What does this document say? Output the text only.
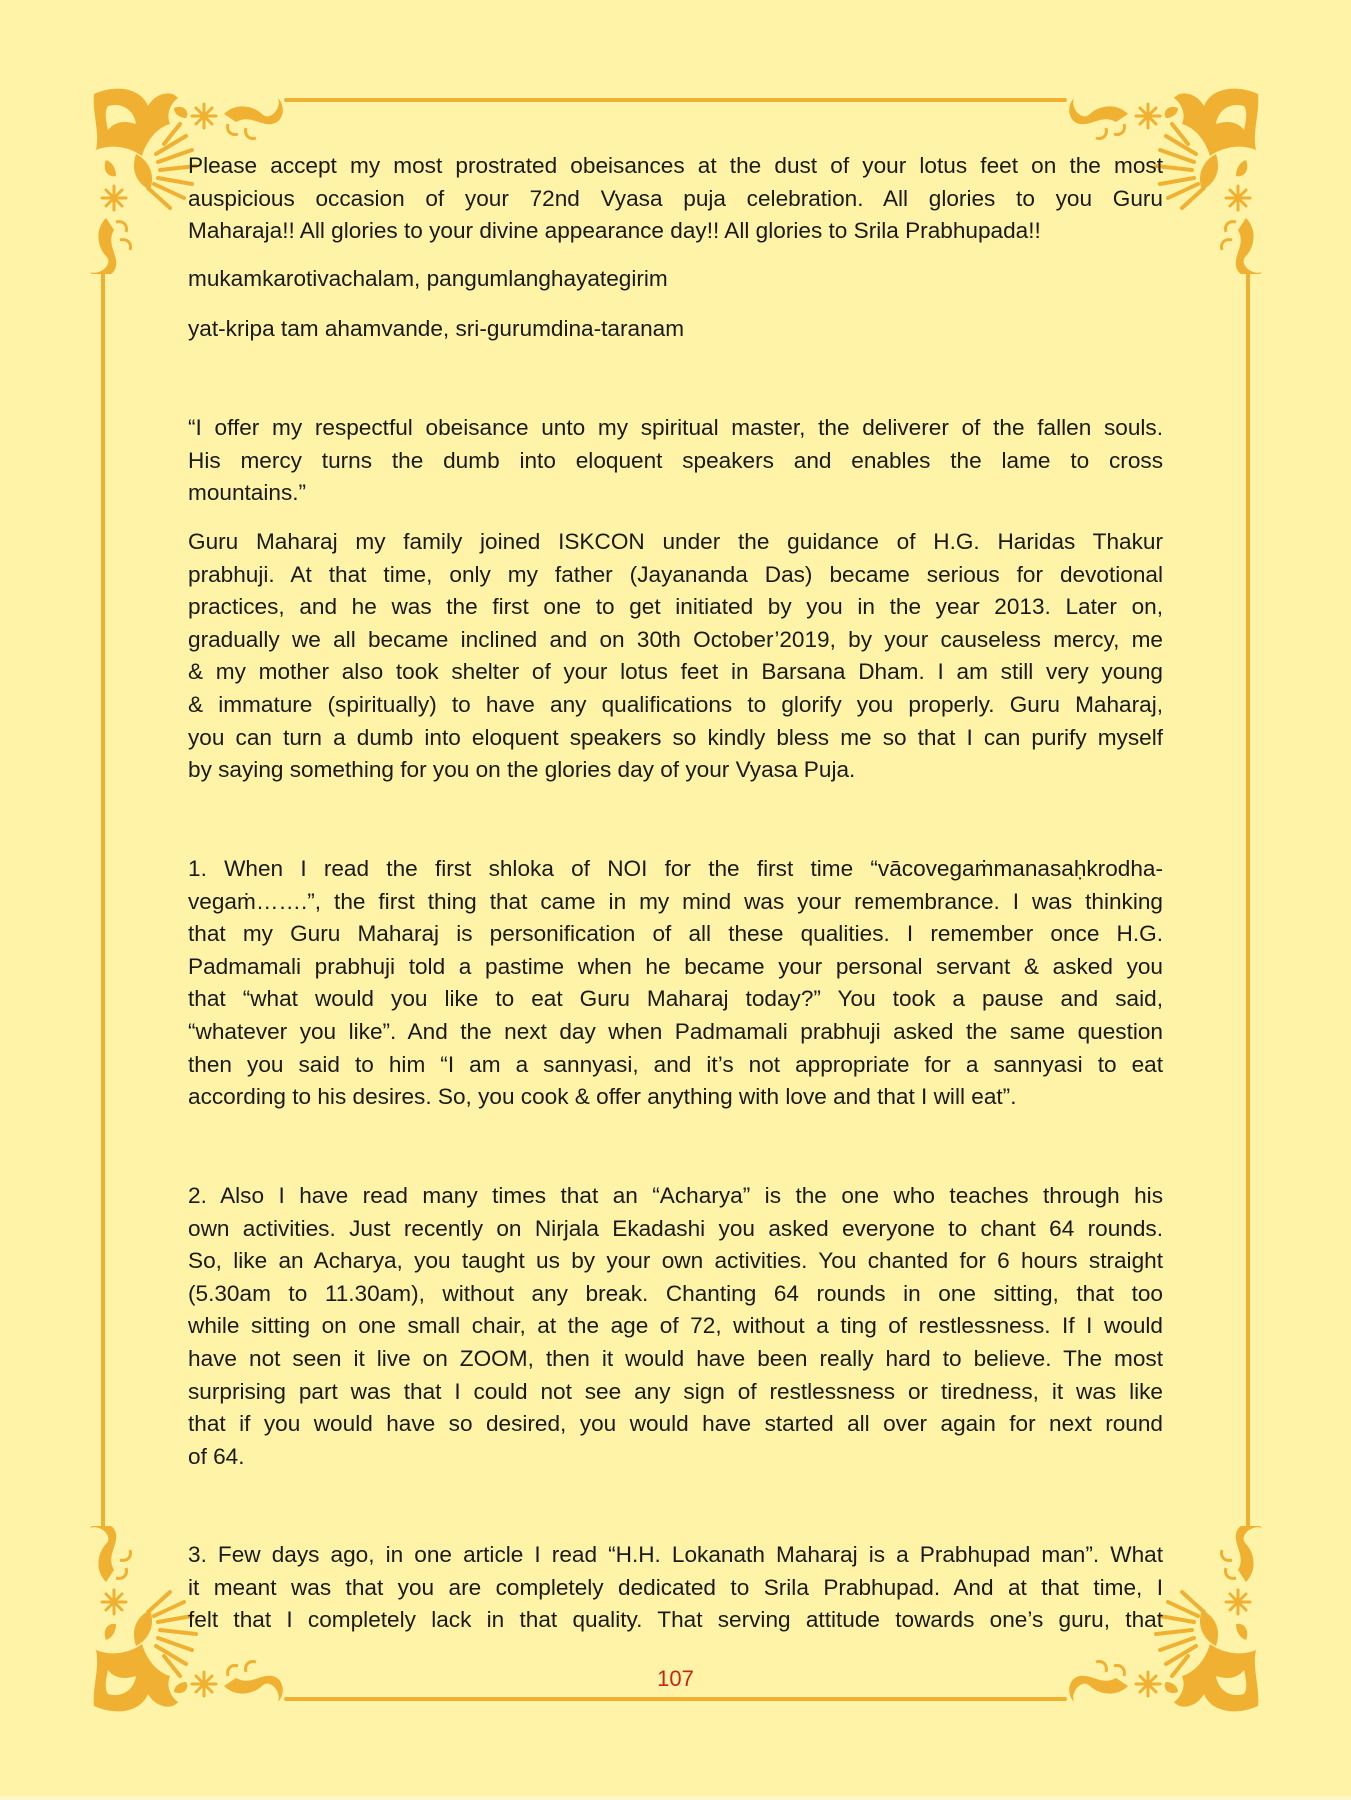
Please accept my most prostrated obeisances at the dust of your lotus feet on the most
auspicious occasion of your 72nd Vyasa puja celebration. All glories to you Guru
Maharaja!! All glories to your divine appearance day!! All glories to Srila Prabhupada!!
mukamkarotivachalam, pangumlanghayategirim
yat-kripa tam ahamvande, sri-gurumdina-taranam
“I offer my respectful obeisance unto my spiritual master, the deliverer of the fallen souls.
His mercy turns the dumb into eloquent speakers and enables the lame to cross
mountains.”
Guru Maharaj my family joined ISKCON under the guidance of H.G. Haridas Thakur
prabhuji. At that time, only my father (Jayananda Das) became serious for devotional
practices, and he was the first one to get initiated by you in the year 2013. Later on,
gradually we all became inclined and on 30th October’2019, by your causeless mercy, me
& my mother also took shelter of your lotus feet in Barsana Dham. I am still very young
& immature (spiritually) to have any qualifications to glorify you properly. Guru Maharaj,
you can turn a dumb into eloquent speakers so kindly bless me so that I can purify myself
by saying something for you on the glories day of your Vyasa Puja.
1. When I read the first shloka of NOI for the first time “vācovegaṁmanasaḥkrodha-
vegaṁ…….”, the first thing that came in my mind was your remembrance. I was thinking
that my Guru Maharaj is personification of all these qualities. I remember once H.G.
Padmamali prabhuji told a pastime when he became your personal servant & asked you
that “what would you like to eat Guru Maharaj today?” You took a pause and said,
“whatever you like”. And the next day when Padmamali prabhuji asked the same question
then you said to him “I am a sannyasi, and it’s not appropriate for a sannyasi to eat
according to his desires. So, you cook & offer anything with love and that I will eat”.
2. Also I have read many times that an “Acharya” is the one who teaches through his
own activities. Just recently on Nirjala Ekadashi you asked everyone to chant 64 rounds.
So, like an Acharya, you taught us by your own activities. You chanted for 6 hours straight
(5.30am to 11.30am), without any break. Chanting 64 rounds in one sitting, that too
while sitting on one small chair, at the age of 72, without a ting of restlessness. If I would
have not seen it live on ZOOM, then it would have been really hard to believe. The most
surprising part was that I could not see any sign of restlessness or tiredness, it was like
that if you would have so desired, you would have started all over again for next round
of 64.
3. Few days ago, in one article I read “H.H. Lokanath Maharaj is a Prabhupad man”. What
it meant was that you are completely dedicated to Srila Prabhupad. And at that time, I
felt that I completely lack in that quality. That serving attitude towards one’s guru, that
107
